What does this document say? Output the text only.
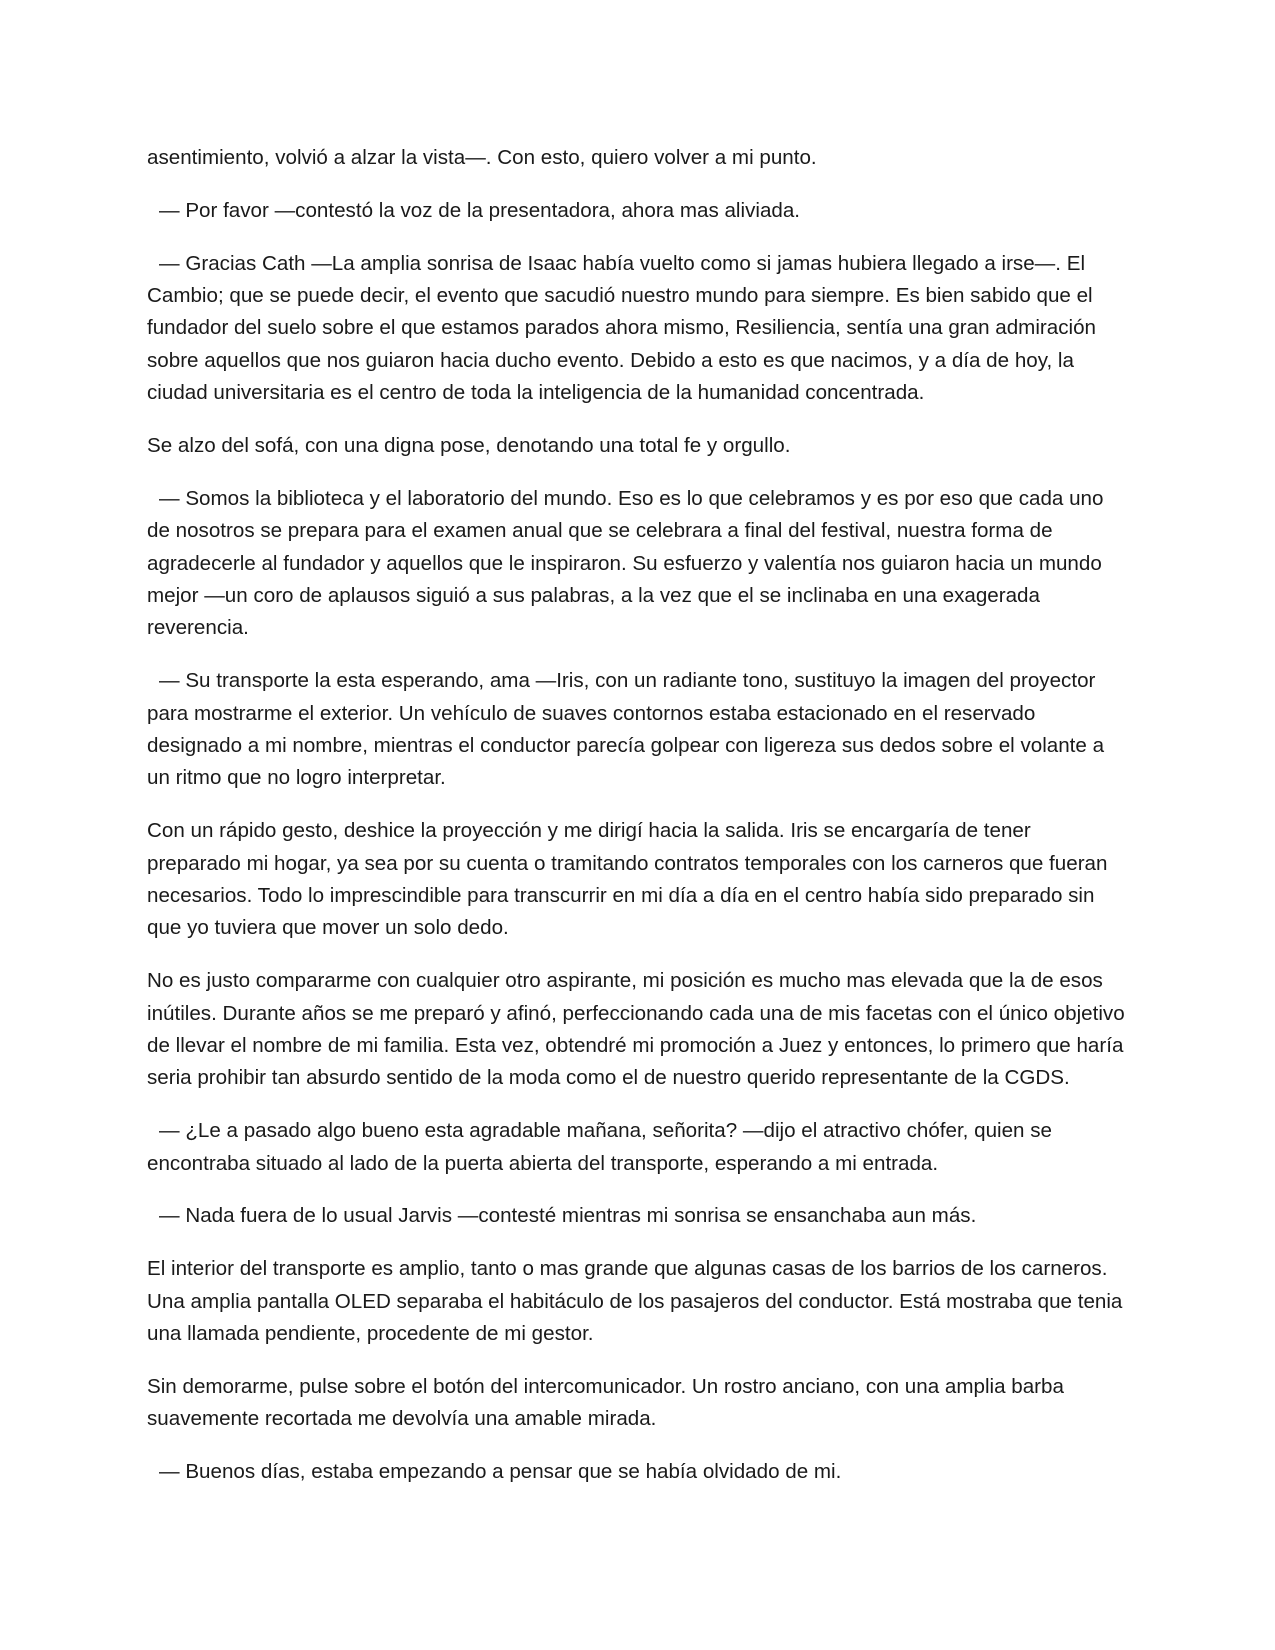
asentimiento, volvió a alzar la vista—. Con esto, quiero volver a mi punto.

— Por favor —contestó la voz de la presentadora, ahora mas aliviada.

— Gracias Cath —La amplia sonrisa de Isaac había vuelto como si jamas hubiera llegado a irse—. El Cambio; que se puede decir, el evento que sacudió nuestro mundo para siempre. Es bien sabido que el fundador del suelo sobre el que estamos parados ahora mismo, Resiliencia, sentía una gran admiración sobre aquellos que nos guiaron hacia ducho evento. Debido a esto es que nacimos, y a día de hoy, la ciudad universitaria es el centro de toda la inteligencia de la humanidad concentrada.

Se alzo del sofá, con una digna pose, denotando una total fe y orgullo.

— Somos la biblioteca y el laboratorio del mundo. Eso es lo que celebramos y es por eso que cada uno de nosotros se prepara para el examen anual que se celebrara a final del festival, nuestra forma de agradecerle al fundador y aquellos que le inspiraron. Su esfuerzo y valentía nos guiaron hacia un mundo mejor —un coro de aplausos siguió a sus palabras, a la vez que el se inclinaba en una exagerada reverencia.

— Su transporte la esta esperando, ama —Iris, con un radiante tono, sustituyo la imagen del proyector para mostrarme el exterior. Un vehículo de suaves contornos estaba estacionado en el reservado designado a mi nombre, mientras el conductor parecía golpear con ligereza sus dedos sobre el volante a un ritmo que no logro interpretar.

Con un rápido gesto, deshice la proyección y me dirigí hacia la salida. Iris se encargaría de tener preparado mi hogar, ya sea por su cuenta o tramitando contratos temporales con los carneros que fueran necesarios. Todo lo imprescindible para transcurrir en mi día a día en el centro había sido preparado sin que yo tuviera que mover un solo dedo.

No es justo compararme con cualquier otro aspirante, mi posición es mucho mas elevada que la de esos inútiles. Durante años se me preparó y afinó, perfeccionando cada una de mis facetas con el único objetivo de llevar el nombre de mi familia. Esta vez, obtendré mi promoción a Juez y entonces, lo primero que haría seria prohibir tan absurdo sentido de la moda como el de nuestro querido representante de la CGDS.

— ¿Le a pasado algo bueno esta agradable mañana, señorita? —dijo el atractivo chófer, quien se encontraba situado al lado de la puerta abierta del transporte, esperando a mi entrada.

— Nada fuera de lo usual Jarvis —contesté mientras mi sonrisa se ensanchaba aun más.

El interior del transporte es amplio, tanto o mas grande que algunas casas de los barrios de los carneros. Una amplia pantalla OLED separaba el habitáculo de los pasajeros del conductor. Está mostraba que tenia una llamada pendiente, procedente de mi gestor.

Sin demorarme, pulse sobre el botón del intercomunicador. Un rostro anciano, con una amplia barba suavemente recortada me devolvía una amable mirada.

— Buenos días, estaba empezando a pensar que se había olvidado de mi.
